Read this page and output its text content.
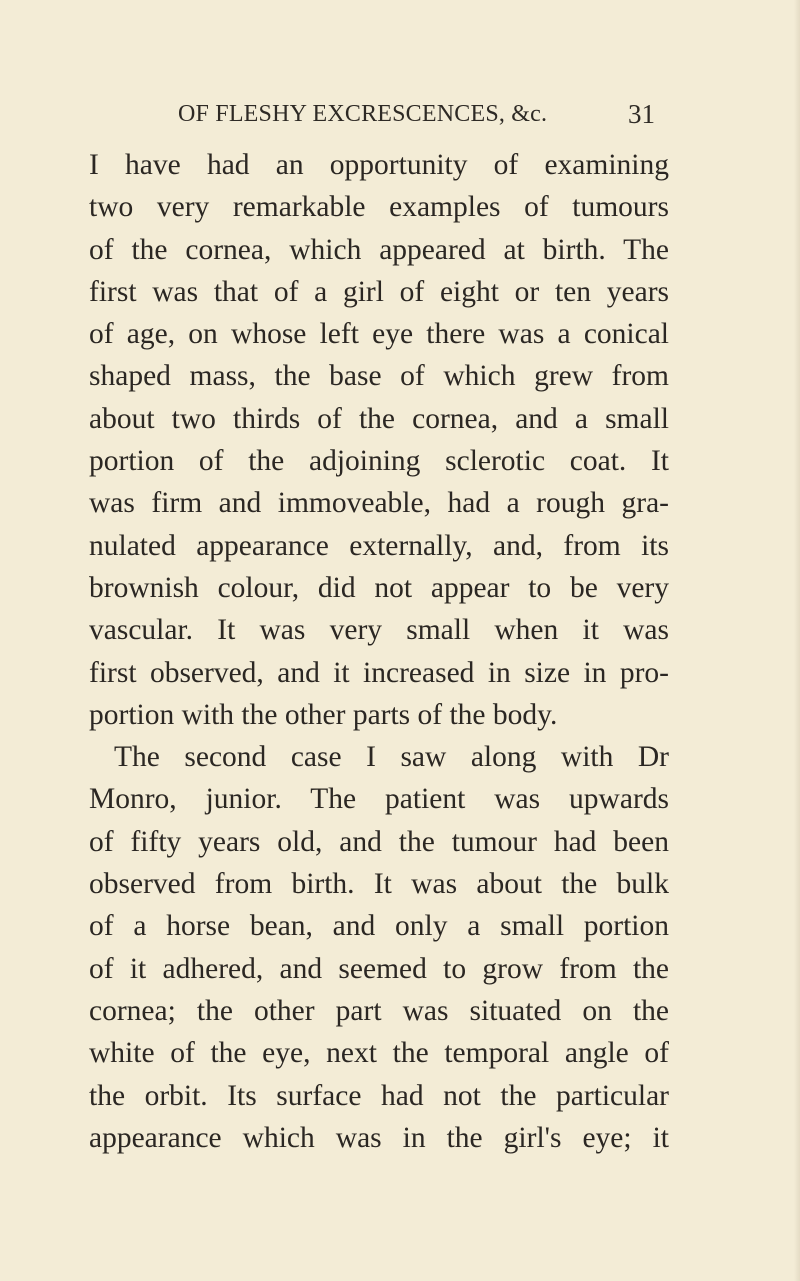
OF FLESHY EXCRESCENCES, &c.	31
I have had an opportunity of examining
two very remarkable examples of tumours
of the cornea, which appeared at birth. The
first was that of a girl of eight or ten years
of age, on whose left eye there was a conical
shaped mass, the base of which grew from
about two thirds of the cornea, and a small
portion of the adjoining sclerotic coat. It
was firm and immoveable, had a rough gra-
nulated appearance externally, and, from its
brownish colour, did not appear to be very
vascular. It was very small when it was
first observed, and it increased in size in pro-
portion with the other parts of the body.
The second case I saw along with Dr
Monro, junior. The patient was upwards
of fifty years old, and the tumour had been
observed from birth. It was about the bulk
of a horse bean, and only a small portion
of it adhered, and seemed to grow from the
cornea; the other part was situated on the
white of the eye, next the temporal angle of
the orbit. Its surface had not the particular
appearance which was in the girl's eye; it
